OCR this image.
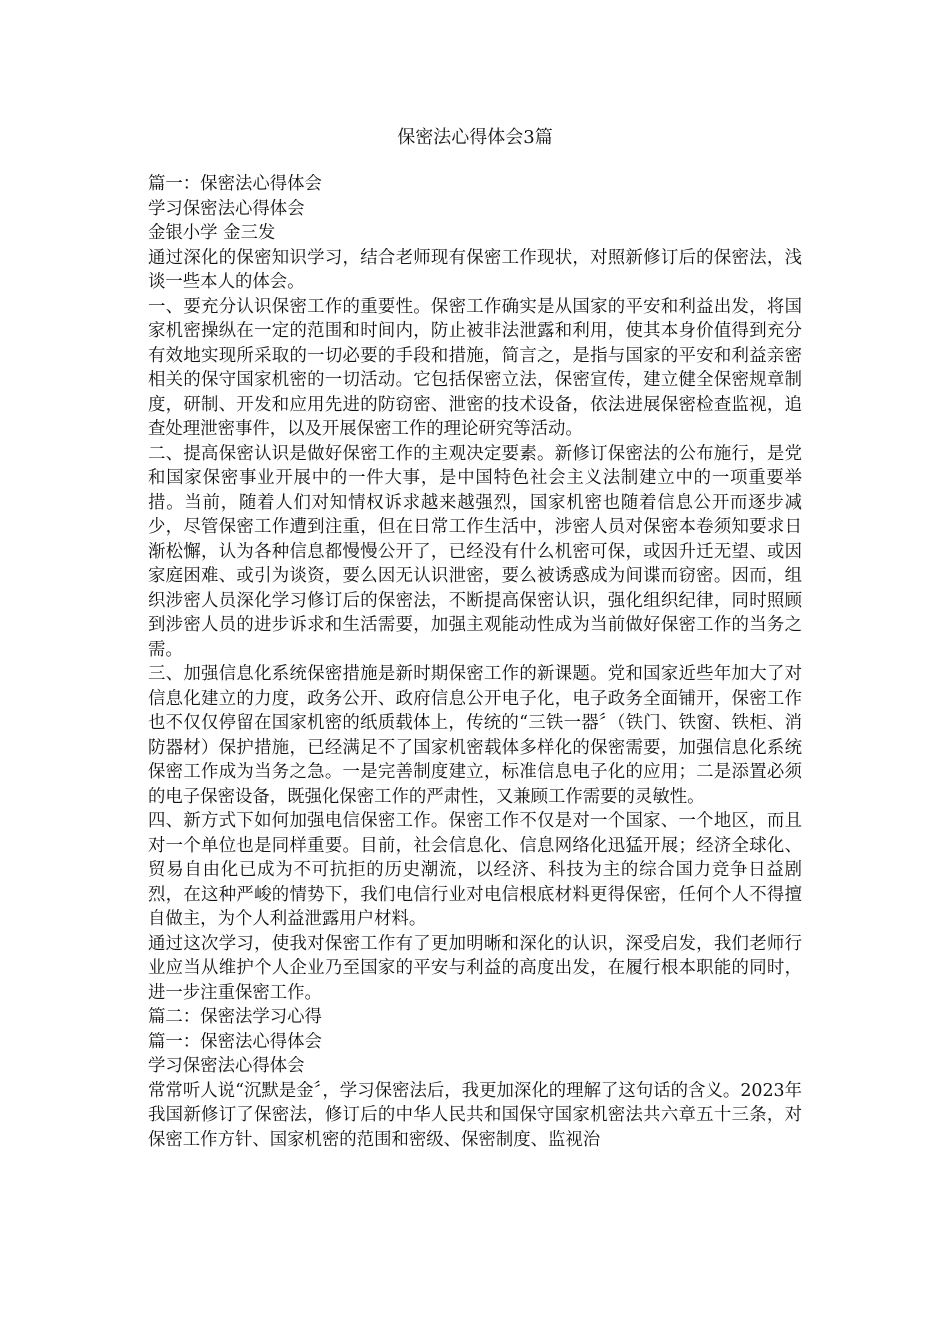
保密法心得体会3篇

篇一：保密法心得体会

学习保密法心得体会

金银小学 金三发

通过深化的保密知识学习，结合老师现有保密工作现状，对照新修订后的保密法，浅谈一些本人的体会。

一、要充分认识保密工作的重要性。保密工作确实是从国家的平安和利益出发，将国家机密操纵在一定的范围和时间内，防止被非法泄露和利用，使其本身价值得到充分有效地实现所采取的一切必要的手段和措施，简言之，是指与国家的平安和利益亲密相关的保守国家机密的一切活动。它包括保密立法，保密宣传，建立健全保密规章制度，研制、开发和应用先进的防窃密、泄密的技术设备，依法进展保密检查监视，追查处理泄密事件，以及开展保密工作的理论研究等活动。

二、提高保密认识是做好保密工作的主观决定要素。新修订保密法的公布施行，是党和国家保密事业开展中的一件大事，是中国特色社会主义法制建立中的一项重要举措。当前，随着人们对知情权诉求越来越强烈，国家机密也随着信息公开而逐步减少，尽管保密工作遭到注重，但在日常工作生活中，涉密人员对保密本卷须知要求日渐松懈，认为各种信息都慢慢公开了，已经没有什么机密可保，或因升迁无望、或因家庭困难、或引为谈资，要么因无认识泄密，要么被诱惑成为间谍而窃密。因而，组织涉密人员深化学习修订后的保密法，不断提高保密认识，强化组织纪律，同时照顾到涉密人员的进步诉求和生活需要，加强主观能动性成为当前做好保密工作的当务之需。

三、加强信息化系统保密措施是新时期保密工作的新课题。党和国家近些年加大了对信息化建立的力度，政务公开、政府信息公开电子化，电子政务全面铺开，保密工作也不仅仅停留在国家机密的纸质载体上，传统的“三铁一器〞（铁门、铁窗、铁柜、消防器材）保护措施，已经满足不了国家机密载体多样化的保密需要，加强信息化系统保密工作成为当务之急。一是完善制度建立，标准信息电子化的应用；二是添置必须的电子保密设备，既强化保密工作的严肃性，又兼顾工作需要的灵敏性。

四、新方式下如何加强电信保密工作。保密工作不仅是对一个国家、一个地区，而且对一个单位也是同样重要。目前，社会信息化、信息网络化迅猛开展；经济全球化、贸易自由化已成为不可抗拒的历史潮流，以经济、科技为主的综合国力竞争日益剧烈，在这种严峻的情势下，我们电信行业对电信根底材料更得保密，任何个人不得擅自做主，为个人利益泄露用户材料。

通过这次学习，使我对保密工作有了更加明晰和深化的认识，深受启发，我们老师行业应当从维护个人企业乃至国家的平安与利益的高度出发，在履行根本职能的同时，进一步注重保密工作。

篇二：保密法学习心得

篇一：保密法心得体会

学习保密法心得体会

常常听人说“沉默是金〞，学习保密法后，我更加深化的理解了这句话的含义。2023年我国新修订了保密法，修订后的中华人民共和国保守国家机密法共六章五十三条，对保密工作方针、国家机密的范围和密级、保密制度、监视治
